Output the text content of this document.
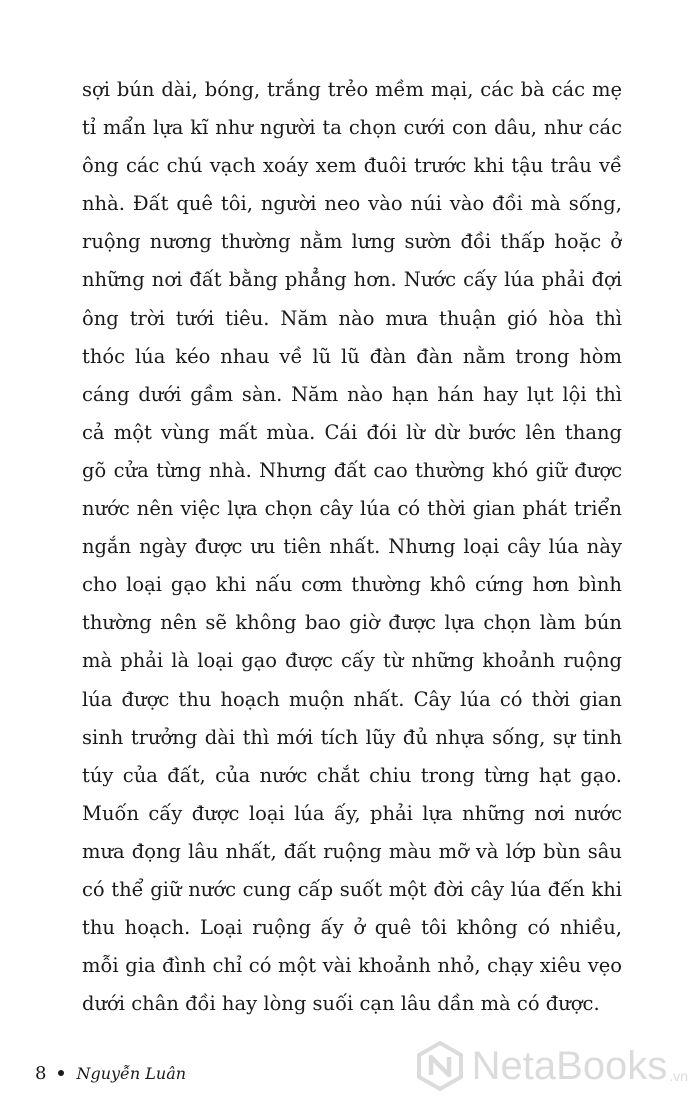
sợi bún dài, bóng, trắng trẻo mềm mại, các bà các mẹ
tỉ mẩn lựa kĩ như người ta chọn cưới con dâu, như các
ông các chú vạch xoáy xem đuôi trước khi tậu trâu về
nhà. Đất quê tôi, người neo vào núi vào đồi mà sống,
ruộng nương thường nằm lưng sườn đồi thấp hoặc ở
những nơi đất bằng phẳng hơn. Nước cấy lúa phải đợi
ông trời tưới tiêu. Năm nào mưa thuận gió hòa thì
thóc lúa kéo nhau về lũ lũ đàn đàn nằm trong hòm
cáng dưới gầm sàn. Năm nào hạn hán hay lụt lội thì
cả một vùng mất mùa. Cái đói lừ dừ bước lên thang
gõ cửa từng nhà. Nhưng đất cao thường khó giữ được
nước nên việc lựa chọn cây lúa có thời gian phát triển
ngắn ngày được ưu tiên nhất. Nhưng loại cây lúa này
cho loại gạo khi nấu cơm thường khô cứng hơn bình
thường nên sẽ không bao giờ được lựa chọn làm bún
mà phải là loại gạo được cấy từ những khoảnh ruộng
lúa được thu hoạch muộn nhất. Cây lúa có thời gian
sinh trưởng dài thì mới tích lũy đủ nhựa sống, sự tinh
túy của đất, của nước chắt chiu trong từng hạt gạo.
Muốn cấy được loại lúa ấy, phải lựa những nơi nước
mưa đọng lâu nhất, đất ruộng màu mỡ và lớp bùn sâu
có thể giữ nước cung cấp suốt một đời cây lúa đến khi
thu hoạch. Loại ruộng ấy ở quê tôi không có nhiều,
mỗi gia đình chỉ có một vài khoảnh nhỏ, chạy xiêu vẹo
dưới chân đồi hay lòng suối cạn lâu dần mà có được.
8 Nguyễn Luân	NetaBooks .vn
